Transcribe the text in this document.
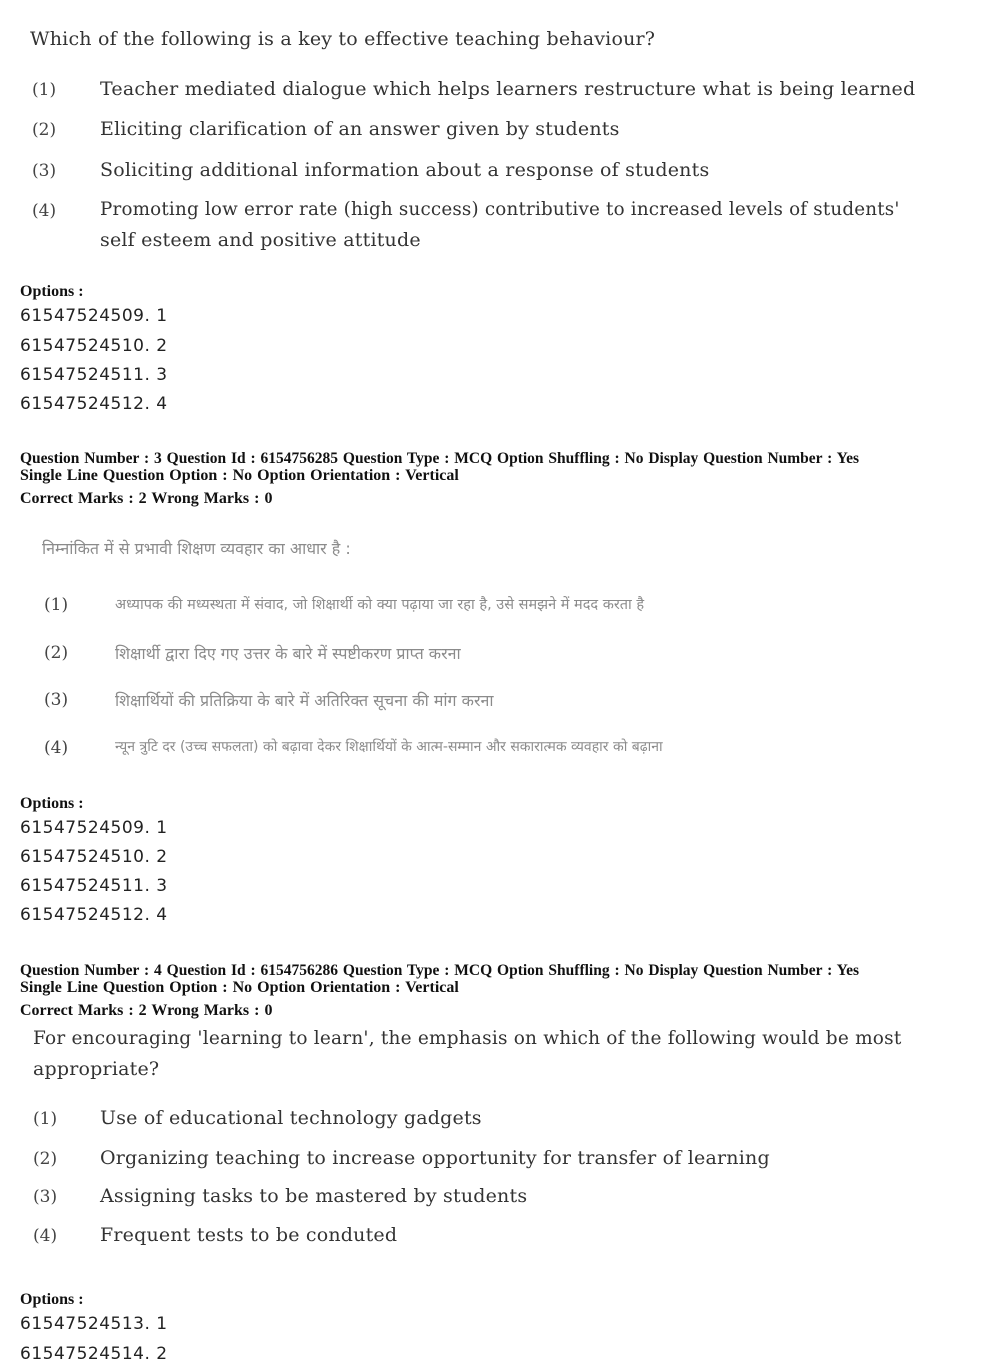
Which of the following is a key to effective teaching behaviour?
(1) Teacher mediated dialogue which helps learners restructure what is being learned
(2) Eliciting clarification of an answer given by students
(3) Soliciting additional information about a response of students
(4) Promoting low error rate (high success) contributive to increased levels of students'
self esteem and positive attitude
Options :
61547524509. 1
61547524510. 2
61547524511. 3
61547524512. 4
Question Number : 3 Question Id : 6154756285 Question Type : MCQ Option Shuffling : No Display Question Number : Yes
Single Line Question Option : No Option Orientation : Vertical
Correct Marks : 2 Wrong Marks : 0
निम्नांकित में से प्रभावी शिक्षण व्यवहार का आधार है :
(1)	अध्यापक की मध्यस्थता में संवाद, जो शिक्षार्थी को क्या पढ़ाया जा रहा है, उसे समझने में मदद करता है
(2)	शिक्षार्थी द्वारा दिए गए उत्तर के बारे में स्पष्टीकरण प्राप्त करना
(3)	शिक्षार्थियों की प्रतिक्रिया के बारे में अतिरिक्त सूचना की मांग करना
(4)	न्यून त्रुटि दर (उच्च सफलता) को बढ़ावा देकर शिक्षार्थियों के आत्म-सम्मान और सकारात्मक व्यवहार को बढ़ाना
Options :
61547524509. 1
61547524510. 2
61547524511. 3
61547524512. 4
Question Number : 4 Question Id : 6154756286 Question Type : MCQ Option Shuffling : No Display Question Number : Yes
Single Line Question Option : No Option Orientation : Vertical
Correct Marks : 2 Wrong Marks : 0
For encouraging 'learning to learn', the emphasis on which of the following would be most
appropriate?
(1) Use of educational technology gadgets
(2) Organizing teaching to increase opportunity for transfer of learning
(3) Assigning tasks to be mastered by students
(4) Frequent tests to be conduted
Options :
61547524513. 1
61547524514. 2
